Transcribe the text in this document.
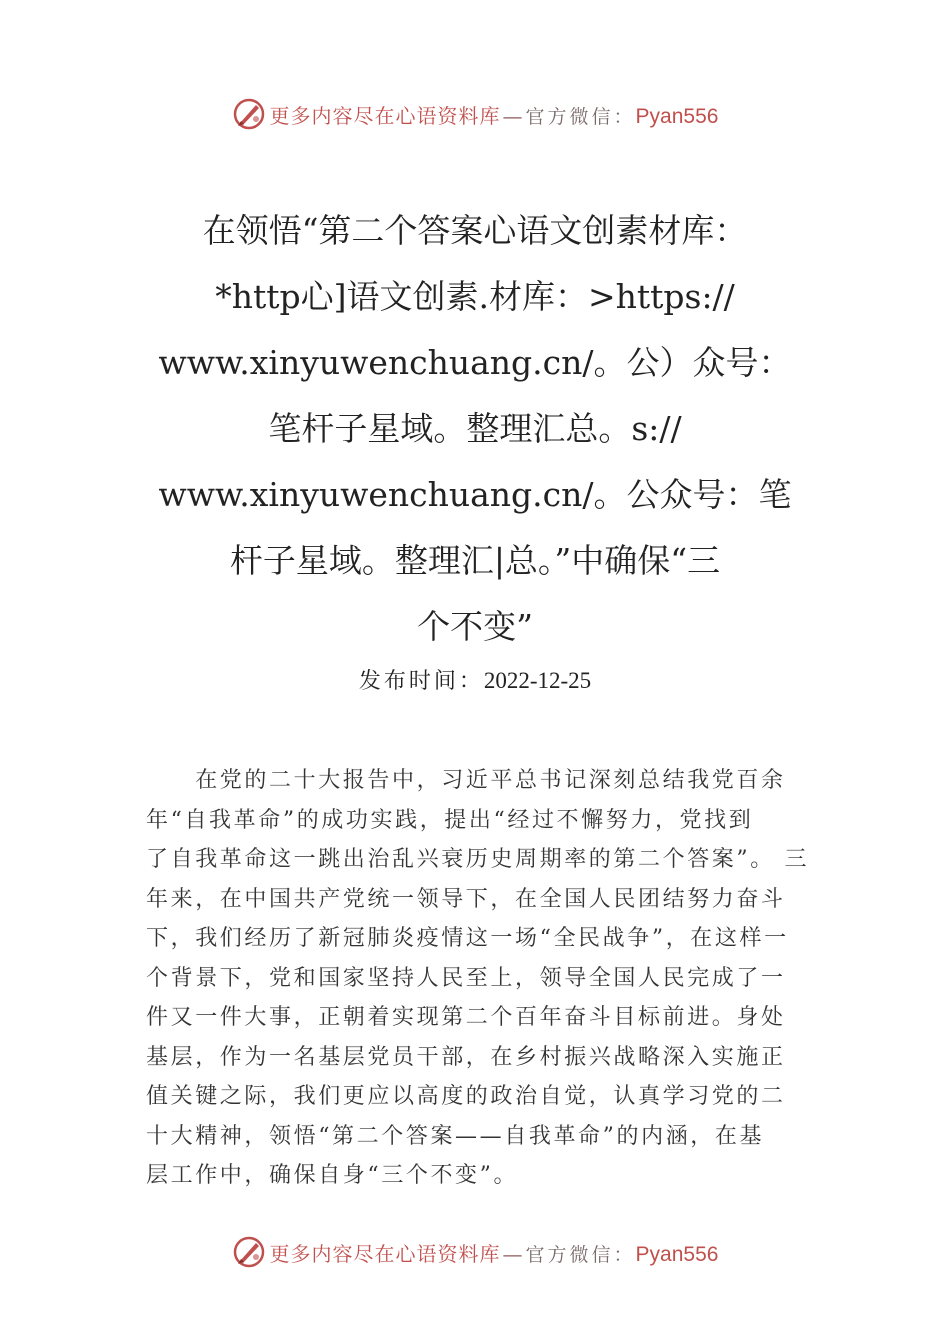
更多内容尽在心语资料库 — 官方微信：Pyan556
在领悟“第二个答案心语文创素材库：
*http心]语文创素.材库：>https://
www.xinyuwenchuang.cn/。公）众号：
笔杆子星域。整理汇总。s://
www.xinyuwenchuang.cn/。公众号：笔
杆子星域。整理汇|总。”中确保“三
个不变”
发布时间：2022-12-25
　　在党的二十大报告中，习近平总书记深刻总结我党百余
年“自我革命”的成功实践，提出“经过不懈努力，党找到
了自我革命这一跳出治乱兴衰历史周期率的第二个答案”。 三
年来，在中国共产党统一领导下，在全国人民团结努力奋斗
下，我们经历了新冠肺炎疫情这一场“全民战争”，在这样一
个背景下，党和国家坚持人民至上，领导全国人民完成了一
件又一件大事，正朝着实现第二个百年奋斗目标前进。身处
基层，作为一名基层党员干部，在乡村振兴战略深入实施正
值关键之际，我们更应以高度的政治自觉，认真学习党的二
十大精神，领悟“第二个答案——自我革命”的内涵，在基
层工作中，确保自身“三个不变”。
更多内容尽在心语资料库 — 官方微信：Pyan556
